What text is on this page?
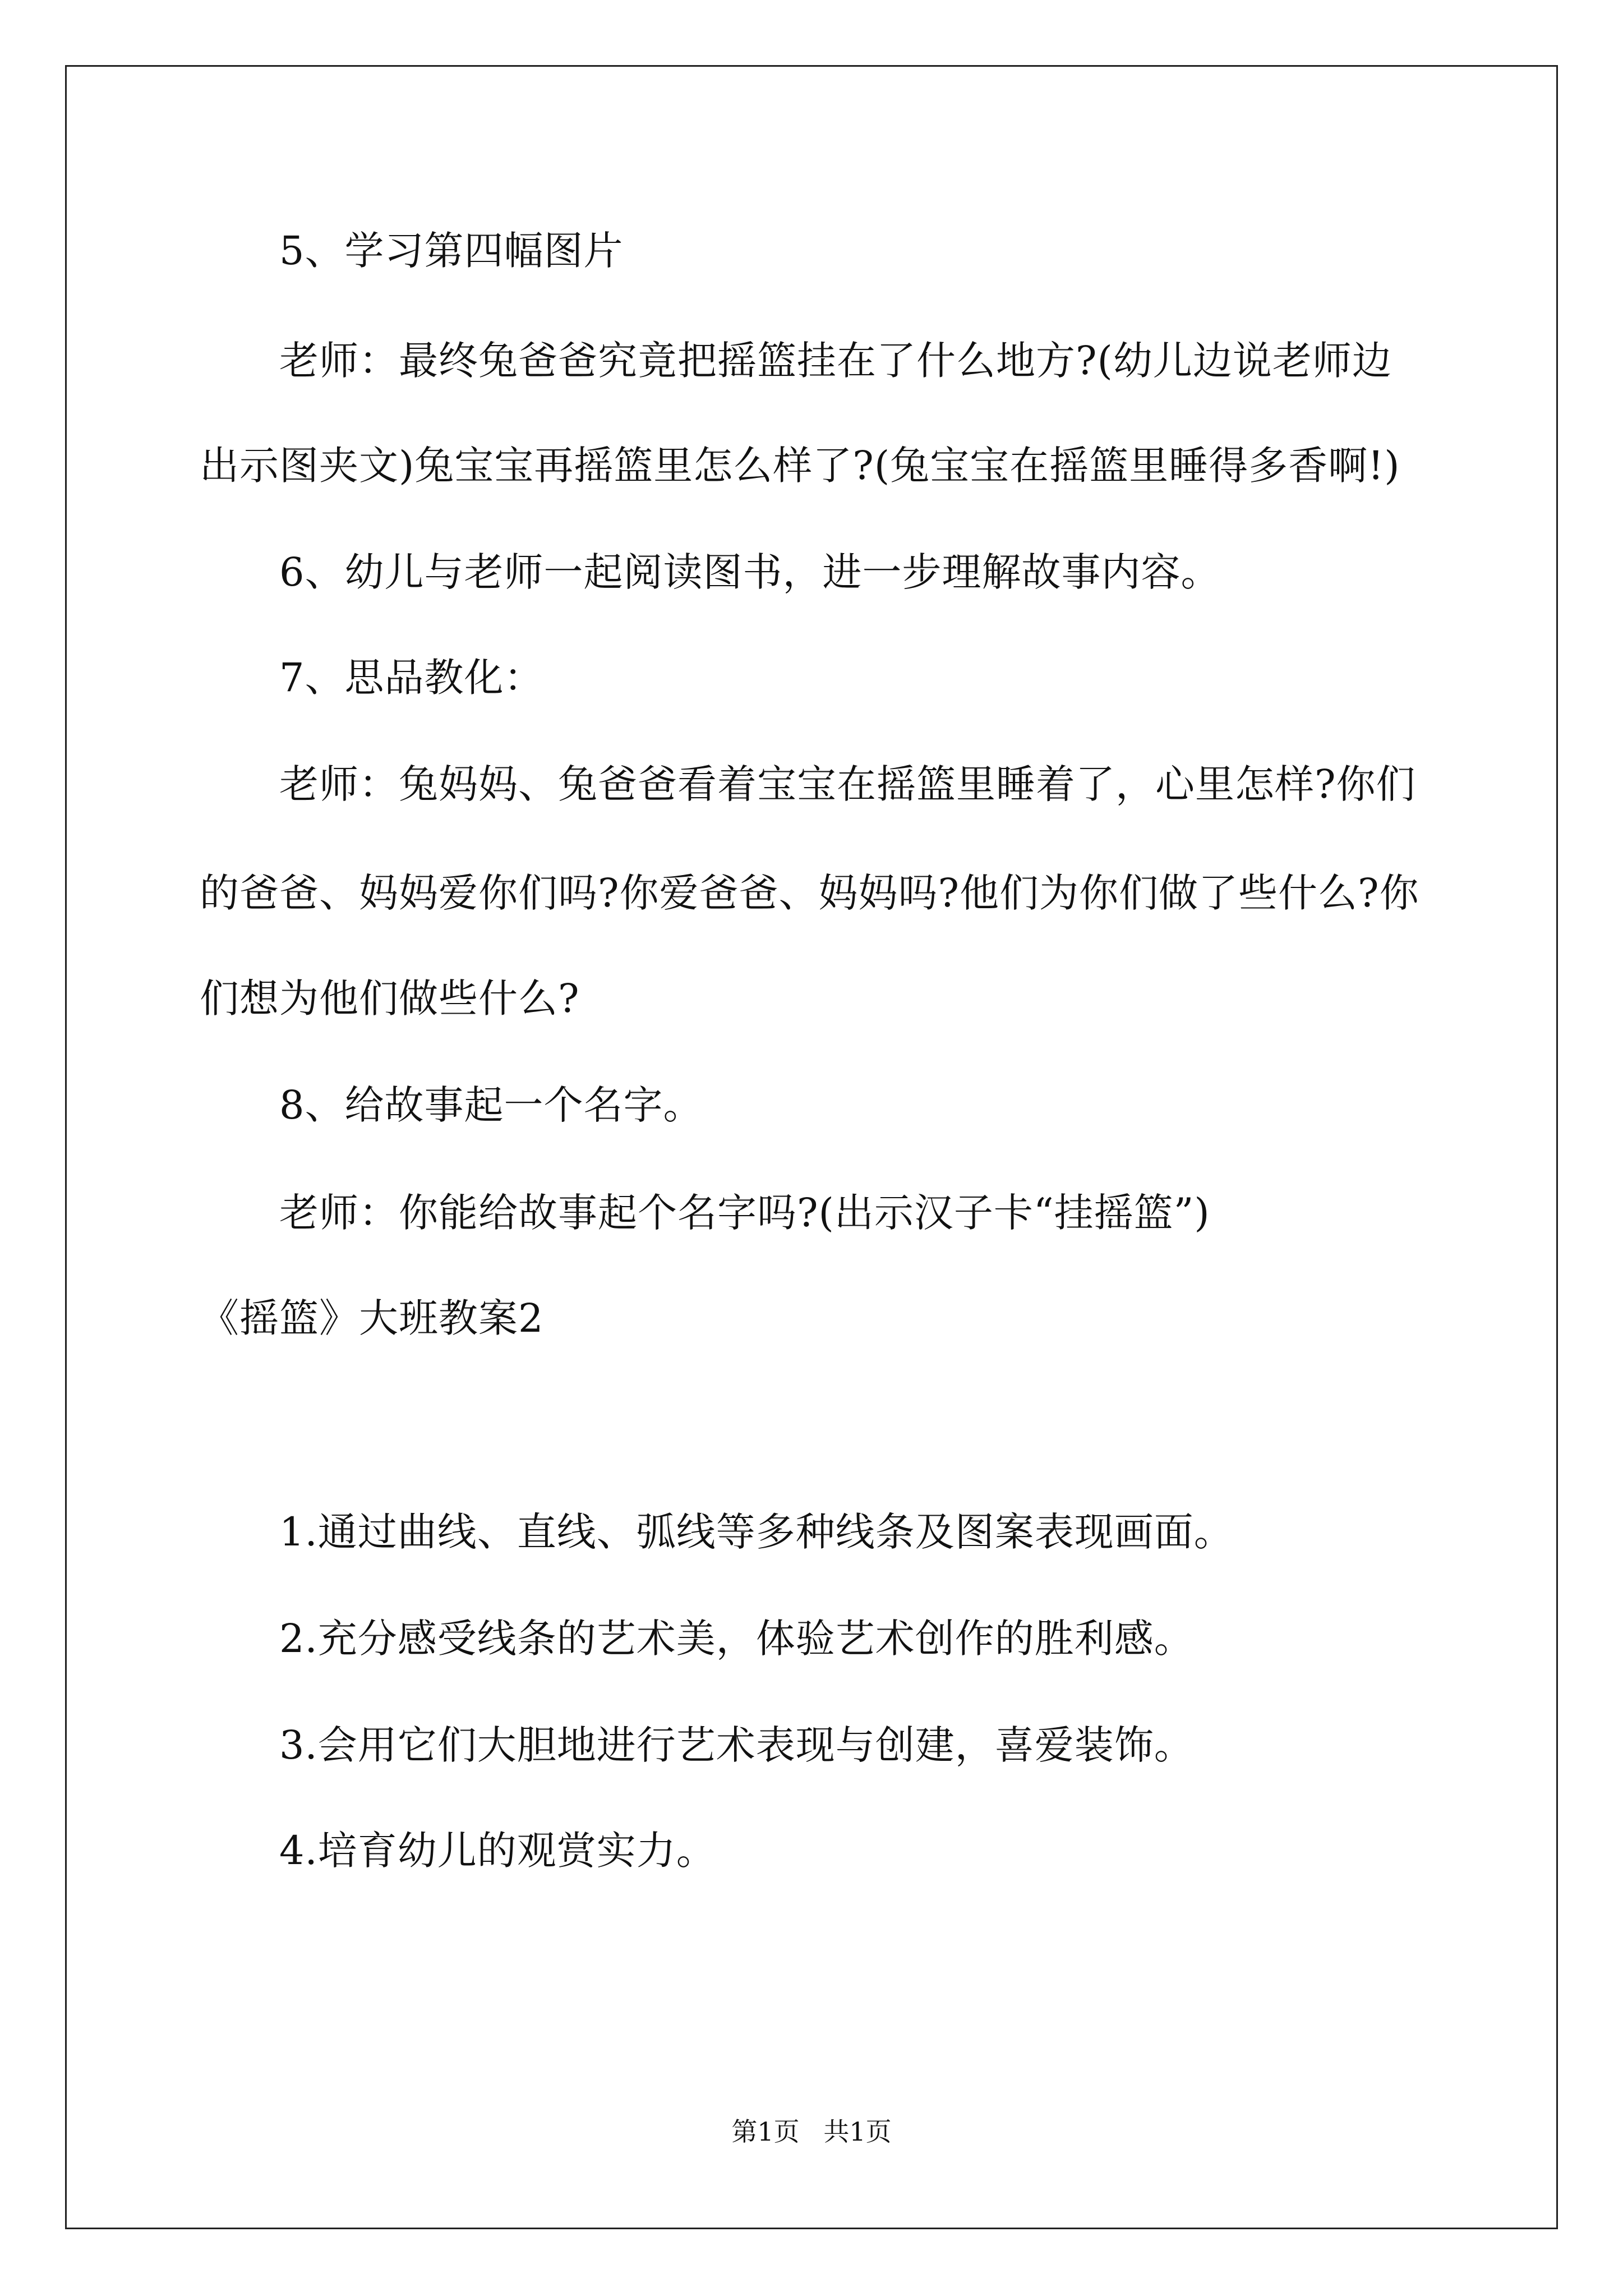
5、学习第四幅图片
老师：最终兔爸爸究竟把摇篮挂在了什么地方?(幼儿边说老师边
出示图夹文)兔宝宝再摇篮里怎么样了?(兔宝宝在摇篮里睡得多香啊!)
6、幼儿与老师一起阅读图书，进一步理解故事内容。
7、思品教化：
老师：兔妈妈、兔爸爸看着宝宝在摇篮里睡着了，心里怎样?你们
的爸爸、妈妈爱你们吗?你爱爸爸、妈妈吗?他们为你们做了些什么?你
们想为他们做些什么?
8、给故事起一个名字。
老师：你能给故事起个名字吗?(出示汉子卡“挂摇篮”)
《摇篮》大班教案2
1.通过曲线、直线、弧线等多种线条及图案表现画面。
2.充分感受线条的艺术美，体验艺术创作的胜利感。
3.会用它们大胆地进行艺术表现与创建，喜爱装饰。
4.培育幼儿的观赏实力。
第1页 共1页
